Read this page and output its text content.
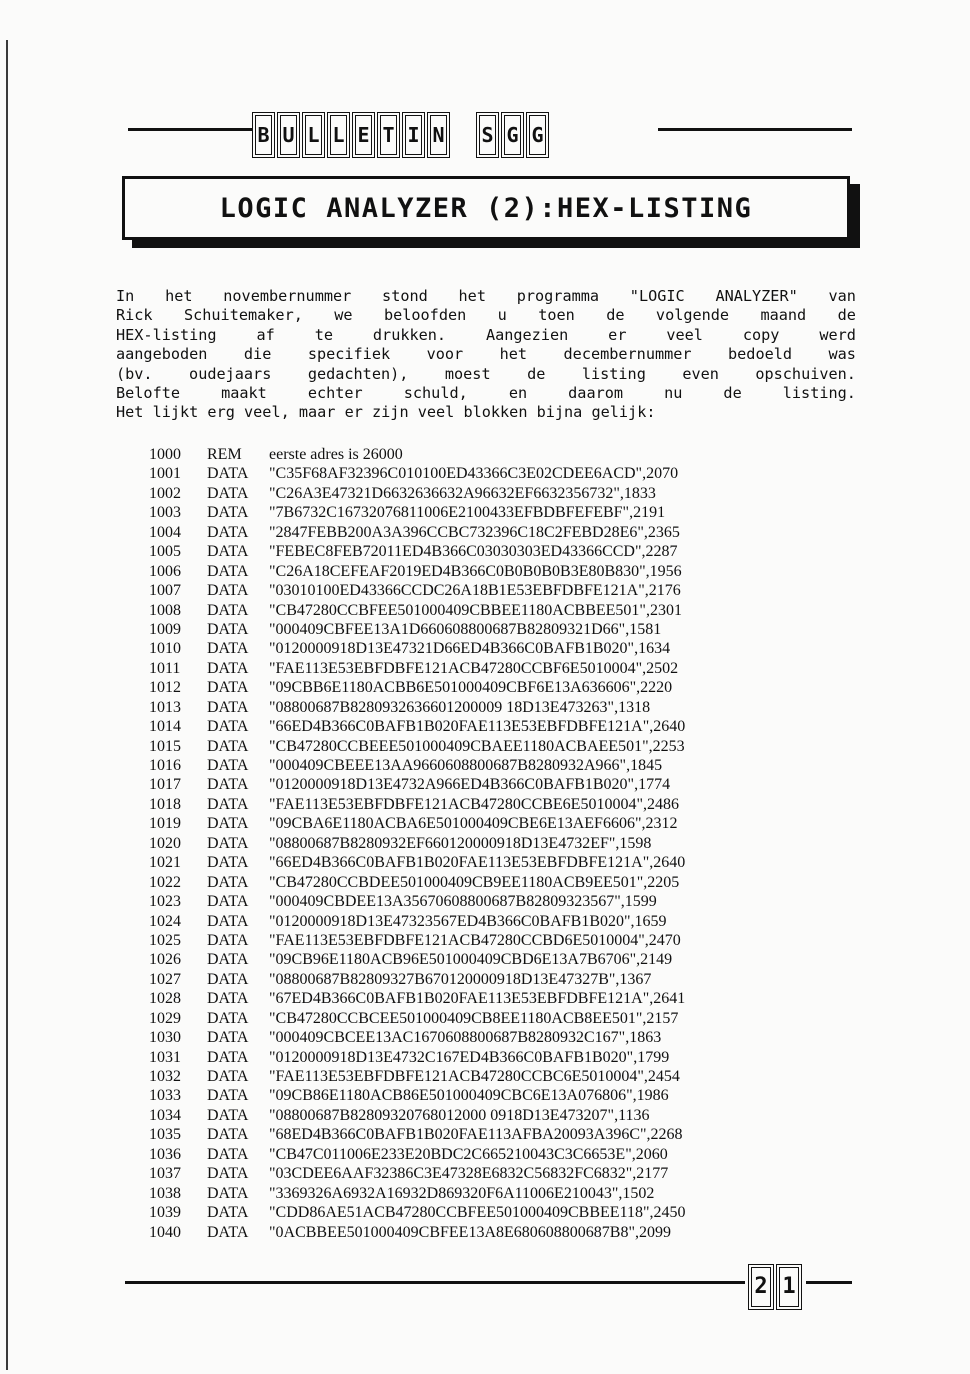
B U L L E T I N S G G
LOGIC ANALYZER (2):HEX-LISTING
In het novembernummer stond het programma "LOGIC ANALYZER" van
Rick Schuitemaker, we beloofden u toen de volgende maand de
HEX-listing	af	te	drukken.	Aangezien	er	veel	copy	werd
aangeboden die specifiek voor het decembernummer bedoeld was
(bv. oudejaars gedachten), moest de listing even opschuiven.
Belofte	maakt	echter	schuld,	en	daarom	nu	de	listing.
Het lijkt erg veel, maar er zijn veel blokken bijna gelijk:
1000	REM	eerste adres is 26000
1001	DATA	"C35F68AF32396C010100ED43366C3E02CDEE6ACD",2070
1002	DATA	"C26A3E47321D6632636632A96632EF6632356732",1833
1003	DATA	"7B6732C16732076811006E2100433EFBDBFEFEBF",2191
1004	DATA	"2847FEBB200A3A396CCBC732396C18C2FEBD28E6",2365
1005	DATA	"FEBEC8FEB72011ED4B366C03030303ED43366CCD",2287
1006	DATA	"C26A18CEFEAF2019ED4B366C0B0B0B0B3E80B830",1956
1007	DATA	"03010100ED43366CCDC26A18B1E53EBFDBFE121A",2176
1008	DATA	"CB47280CCBFEE501000409CBBEE1180ACBBEE501",2301
1009	DATA	"000409CBFEE13A1D660608800687B82809321D66",1581
1010	DATA	"0120000918D13E47321D66ED4B366C0BAFB1B020",1634
1011	DATA	"FAE113E53EBFDBFE121ACB47280CCBF6E5010004",2502
1012	DATA	"09CBB6E1180ACBB6E501000409CBF6E13A636606",2220
1013	DATA	"08800687B8280932636601200009 18D13E473263",1318
1014	DATA	"66ED4B366C0BAFB1B020FAE113E53EBFDBFE121A",2640
1015	DATA	"CB47280CCBEEE501000409CBAEE1180ACBAEE501",2253
1016	DATA	"000409CBEEE13AA9660608800687B8280932A966",1845
1017	DATA	"0120000918D13E4732A966ED4B366C0BAFB1B020",1774
1018	DATA	"FAE113E53EBFDBFE121ACB47280CCBE6E5010004",2486
1019	DATA	"09CBA6E1180ACBA6E501000409CBE6E13AEF6606",2312
1020	DATA	"08800687B8280932EF660120000918D13E4732EF",1598
1021	DATA	"66ED4B366C0BAFB1B020FAE113E53EBFDBFE121A",2640
1022	DATA	"CB47280CCBDEE501000409CB9EE1180ACB9EE501",2205
1023	DATA	"000409CBDEE13A35670608800687B82809323567",1599
1024	DATA	"0120000918D13E47323567ED4B366C0BAFB1B020",1659
1025	DATA	"FAE113E53EBFDBFE121ACB47280CCBD6E5010004",2470
1026	DATA	"09CB96E1180ACB96E501000409CBD6E13A7B6706",2149
1027	DATA	"08800687B82809327B670120000918D13E47327B",1367
1028	DATA	"67ED4B366C0BAFB1B020FAE113E53EBFDBFE121A",2641
1029	DATA	"CB47280CCBCEE501000409CB8EE1180ACB8EE501",2157
1030	DATA	"000409CBCEE13AC1670608800687B8280932C167",1863
1031	DATA	"0120000918D13E4732C167ED4B366C0BAFB1B020",1799
1032	DATA	"FAE113E53EBFDBFE121ACB47280CCBC6E5010004",2454
1033	DATA	"09CB86E1180ACB86E501000409CBC6E13A076806",1986
1034	DATA	"08800687B82809320768012000 0918D13E473207",1136
1035	DATA	"68ED4B366C0BAFB1B020FAE113AFBA20093A396C",2268
1036	DATA	"CB47C011006E233E20BDC2C665210043C3C6653E",2060
1037	DATA	"03CDEE6AAF32386C3E47328E6832C56832FC6832",2177
1038	DATA	"3369326A6932A16932D869320F6A11006E210043",1502
1039	DATA	"CDD86AE51ACB47280CCBFEE501000409CBBEE118",2450
1040	DATA	"0ACBBEE501000409CBFEE13A8E680608800687B8",2099
2 1
